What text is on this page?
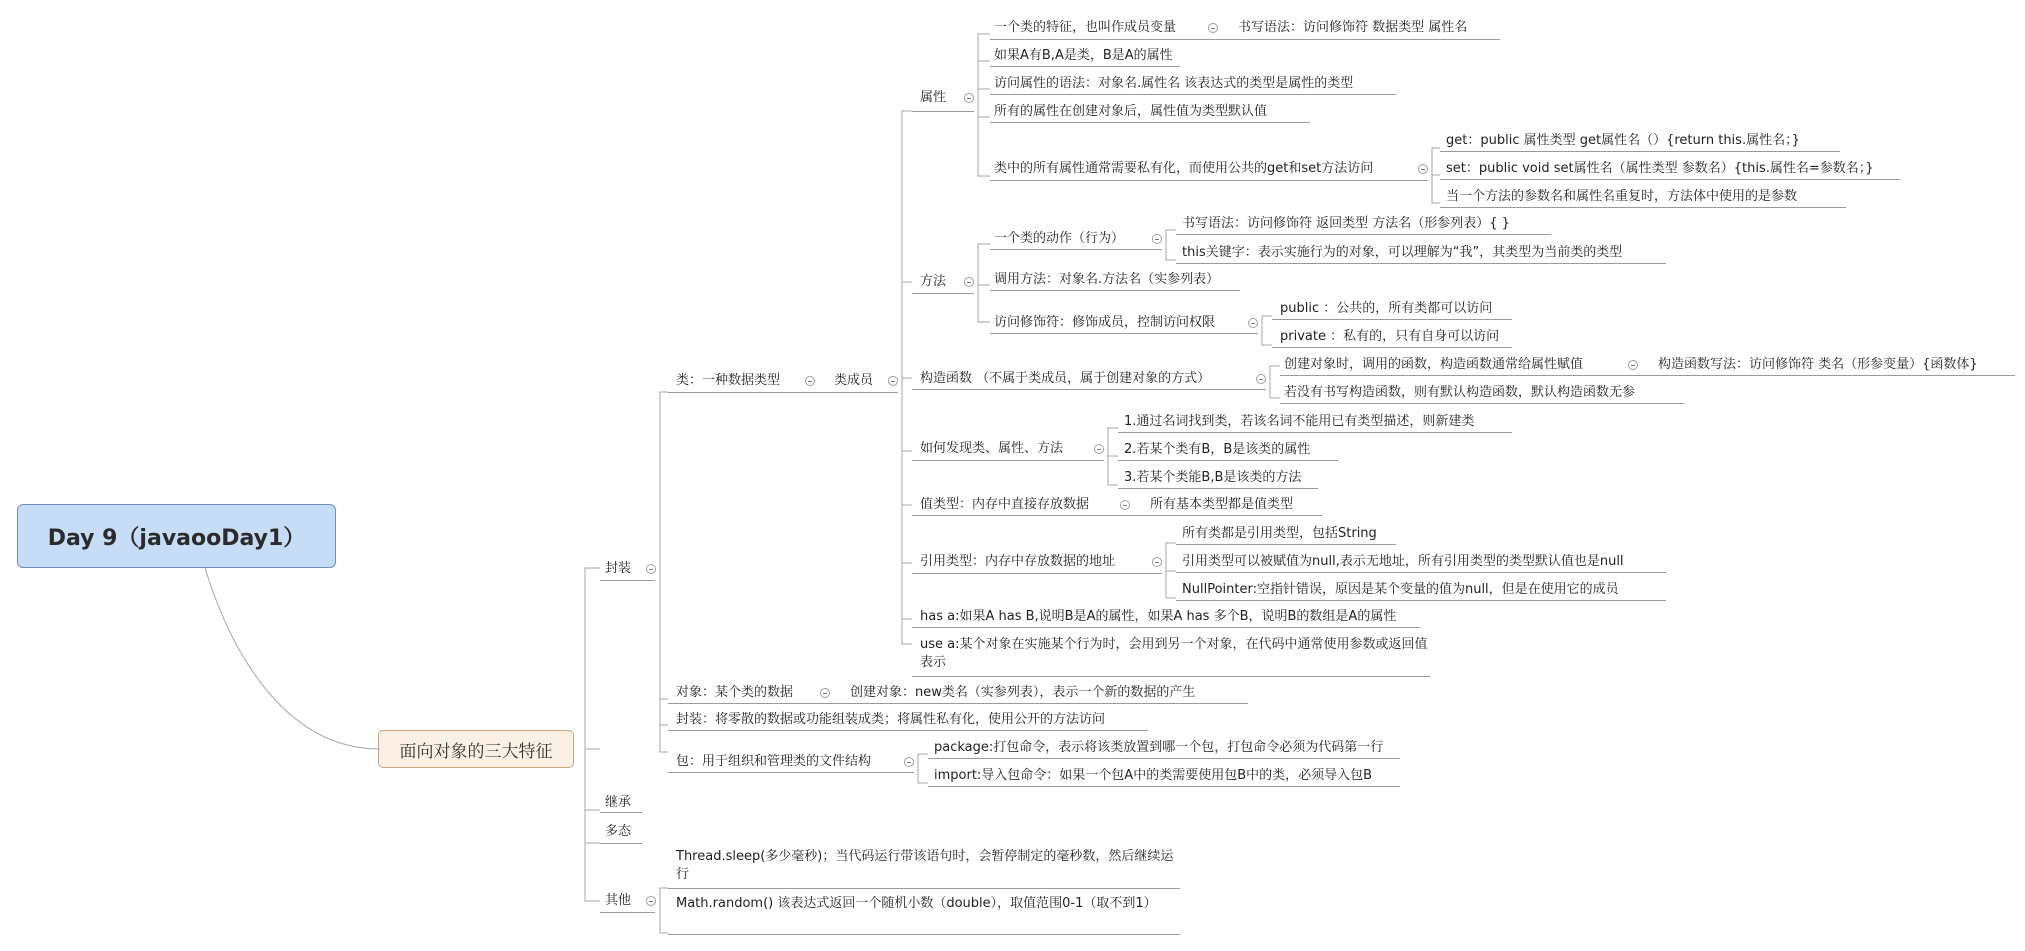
Day 9（javaooDay1）
面向对象的三大特征
封装
继承
多态
其他
类：一种数据类型	类成员
属性
一个类的特征，也叫作成员变量	书写语法：访问修饰符 数据类型 属性名
如果A有B,A是类，B是A的属性
访问属性的语法：对象名.属性名 该表达式的类型是属性的类型
所有的属性在创建对象后，属性值为类型默认值
类中的所有属性通常需要私有化，而使用公共的get和set方法访问
get：public 属性类型 get属性名（）{return this.属性名；}
set：public void set属性名（属性类型 参数名）{this.属性名=参数名；}
当一个方法的参数名和属性名重复时，方法体中使用的是参数
方法
一个类的动作（行为）
书写语法：访问修饰符 返回类型 方法名（形参列表）{ }
this关键字：表示实施行为的对象，可以理解为“我”，其类型为当前类的类型
调用方法：对象名.方法名（实参列表）
访问修饰符：修饰成员，控制访问权限
public ：公共的，所有类都可以访问
private ：私有的，只有自身可以访问
构造函数 （不属于类成员，属于创建对象的方式）
创建对象时，调用的函数，构造函数通常给属性赋值	构造函数写法：访问修饰符 类名（形参变量）{函数体}
若没有书写构造函数，则有默认构造函数，默认构造函数无参
如何发现类、属性、方法
1.通过名词找到类，若该名词不能用已有类型描述，则新建类
2.若某个类有B，B是该类的属性
3.若某个类能B,B是该类的方法
值类型：内存中直接存放数据	所有基本类型都是值类型
引用类型：内存中存放数据的地址
所有类都是引用类型，包括String
引用类型可以被赋值为null,表示无地址，所有引用类型的类型默认值也是null
NullPointer:空指针错误，原因是某个变量的值为null，但是在使用它的成员
has a:如果A has B,说明B是A的属性，如果A has 多个B，说明B的数组是A的属性
use a:某个对象在实施某个行为时，会用到另一个对象，在代码中通常使用参数或返回值表示
对象：某个类的数据	创建对象：new类名（实参列表），表示一个新的数据的产生
封装：将零散的数据或功能组装成类；将属性私有化，使用公开的方法访问
包：用于组织和管理类的文件结构
package:打包命令，表示将该类放置到哪一个包，打包命令必须为代码第一行
import:导入包命令：如果一个包A中的类需要使用包B中的类，必须导入包B
Thread.sleep(多少毫秒)；当代码运行带该语句时，会暂停制定的毫秒数，然后继续运行
Math.random() 该表达式返回一个随机小数（double），取值范围0-1（取不到1）
